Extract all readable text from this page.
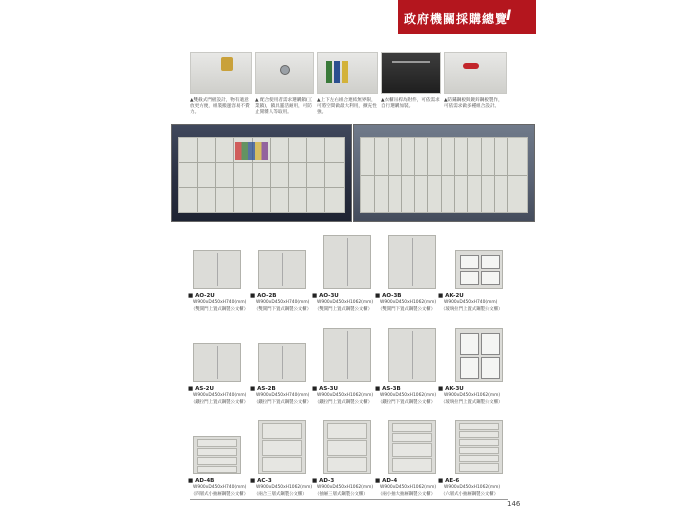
政府機關採購總覽
I
▲雙截式門板設計，物有適意放更方便，組裝搬運容易不費力。
▲ 配合使用者需求選購鎖(工業鎖)，鎖具靈活耐用，可防止閒雜人等取用。
▲上下左右組合連結無界限，可將空間做最大利用，擴充性強。
▲衣櫃吊桿為附件，可依需求自行選購加裝。
▲防鏽鋼板與鍍鋅鋼板製作，可依需求做多種組合設計。
■ AO-2U
W900xD450xH740(mm)
（雙開門上置式鋼製公文櫃）
■ AO-2B
W900xD450xH740(mm)
（雙開門下置式鋼製公文櫃）
■ AO-3U
W900xD450xH1062(mm)
（雙開門上置式鋼製公文櫃）
■ AO-3B
W900xD450xH1062(mm)
（雙開門下置式鋼製公文櫃）
■ AK-2U
W900xD450xH740(mm)
（玻璃拉門上置式鋼製公文櫃）
■ AS-2U
W900xD450xH740(mm)
（鐵拉門上置式鋼製公文櫃）
■ AS-2B
W900xD450xH740(mm)
（鐵拉門下置式鋼製公文櫃）
■ AS-3U
W900xD450xH1062(mm)
（鐵拉門上置式鋼製公文櫃）
■ AS-3B
W900xD450xH1062(mm)
（鐵拉門下置式鋼製公文櫃）
■ AK-3U
W900xD450xH1062(mm)
（玻璃拉門上置式鋼製公文櫃）
■ AD-4B
W900xD450xH740(mm)
（四層式小抽屜鋼製公文櫃）
■ AC-3
W900xD450xH1062(mm)
（兩合三層式鋼製公文櫃）
■ AD-3
W900xD450xH1062(mm)
（抽屜三層式鋼製公文櫃）
■ AD-4
W900xD450xH1062(mm)
（兩小抽大抽屜鋼製公文櫃）
■ AE-6
W900xD450xH1062(mm)
（六層式小抽屜鋼製公文櫃）
146
